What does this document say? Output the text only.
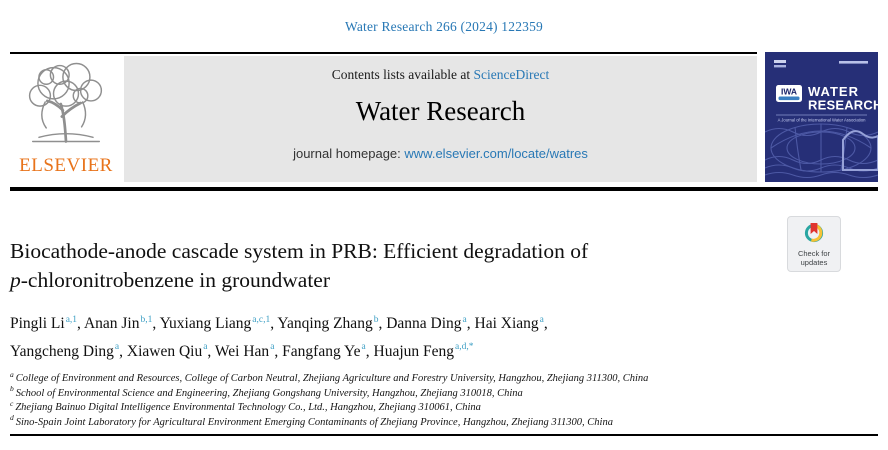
Water Research 266 (2024) 122359
ELSEVIER
Contents lists available at ScienceDirect
Water Research
journal homepage: www.elsevier.com/locate/watres
IWA WATER
RESEARCH
A Journal of the International Water Association
Check for
updates
Biocathode-anode cascade system in PRB: Efficient degradation of
p-chloronitrobenzene in groundwater
Pingli Li$^{a,1}$, Anan Jin$^{b,1}$, Yuxiang Liang$^{a,c,1}$, Yanqing Zhang$^b$, Danna Ding$^a$, Hai Xiang$^a$,
Yangcheng Ding$^a$, Xiawen Qiu$^a$, Wei Han$^a$, Fangfang Ye$^a$, Huajun Feng$^{a,d,*}$
$^a$ College of Environment and Resources, College of Carbon Neutral, Zhejiang Agriculture and Forestry University, Hangzhou, Zhejiang 311300, China
$^b$ School of Environmental Science and Engineering, Zhejiang Gongshang University, Hangzhou, Zhejiang 310018, China
$^c$ Zhejiang Bainuo Digital Intelligence Environmental Technology Co., Ltd., Hangzhou, Zhejiang 310061, China
$^d$ Sino-Spain Joint Laboratory for Agricultural Environment Emerging Contaminants of Zhejiang Province, Hangzhou, Zhejiang 311300, China
